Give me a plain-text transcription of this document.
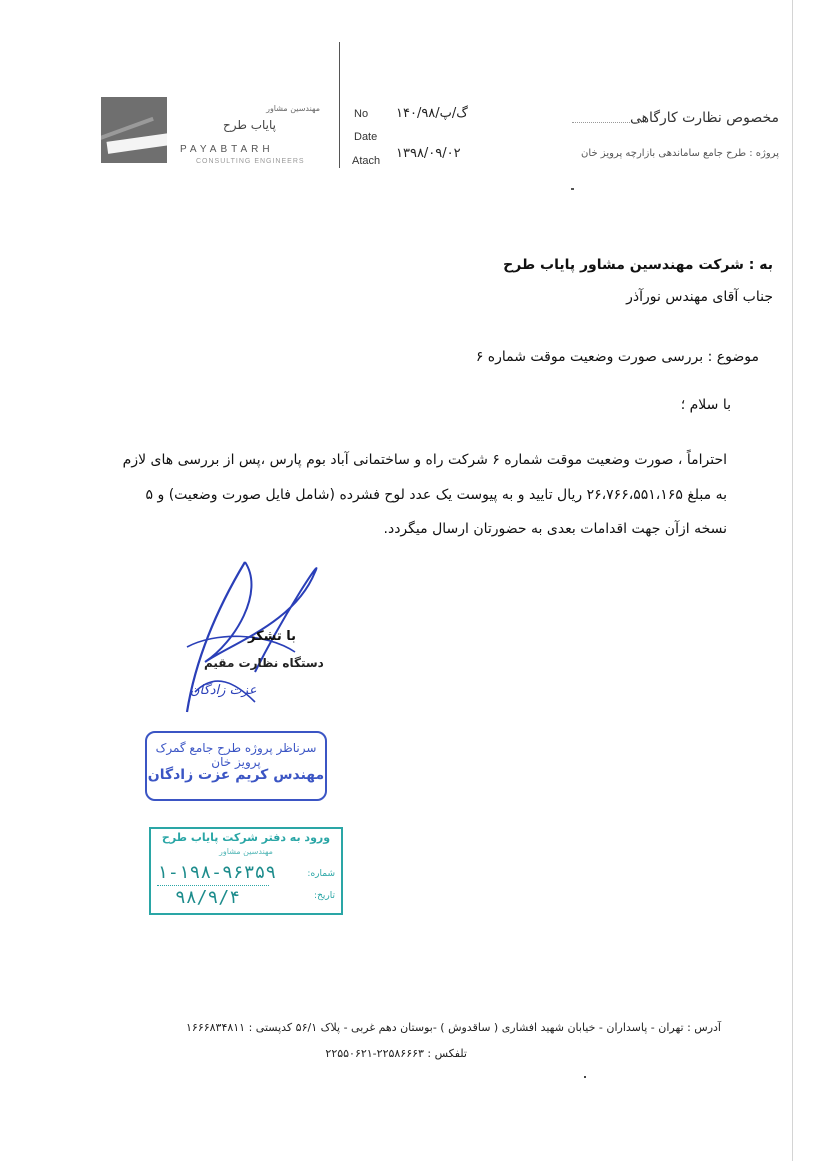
مهندسین مشاور
پایاب طرح
PAYABTARH
CONSULTING ENGINEERS
No ۱۴۰/گ/پ/۹۸
Date
۱۳۹۸/۰۹/۰۲
Atach
مخصوص نظارت کارگاهی
پروژه : طرح جامع ساماندهی بازارچه پرویز خان
به : شرکت مهندسین مشاور پایاب طرح
جناب آقای مهندس نورآذر
موضوع : بررسی صورت وضعیت موقت شماره ۶
با سلام ؛
احتراماً ، صورت وضعیت موقت شماره ۶ شرکت راه و ساختمانی آباد بوم پارس ،پس از بررسی های لازم
به مبلغ ۲۶،۷۶۶،۵۵۱،۱۶۵ ریال تایید و به پیوست یک عدد لوح فشرده (شامل فایل صورت وضعیت) و ۵
نسخه ازآن جهت اقدامات بعدی به حضورتان ارسال میگردد.
با تشکر
دستگاه نظارت مقیم
عزت زادگان
سرناظر پروژه طرح جامع گمرک پرویز خان
مهندس کریم عزت زادگان
ورود به دفتر شرکت پایاب طرح
مهندسین مشاور
شماره:
۱-۱۹۸-۹۶۳۵۹
تاریخ:
۹۸/۹/۴
آدرس : تهران - پاسداران - خیابان شهید افشاری ( ساقدوش ) -بوستان دهم غربی - پلاک ۵۶/۱ کدپستی : ۱۶۶۶۸۳۴۸۱۱
تلفکس : ۲۲۵۸۶۶۶۳-۲۲۵۵۰۶۲۱
